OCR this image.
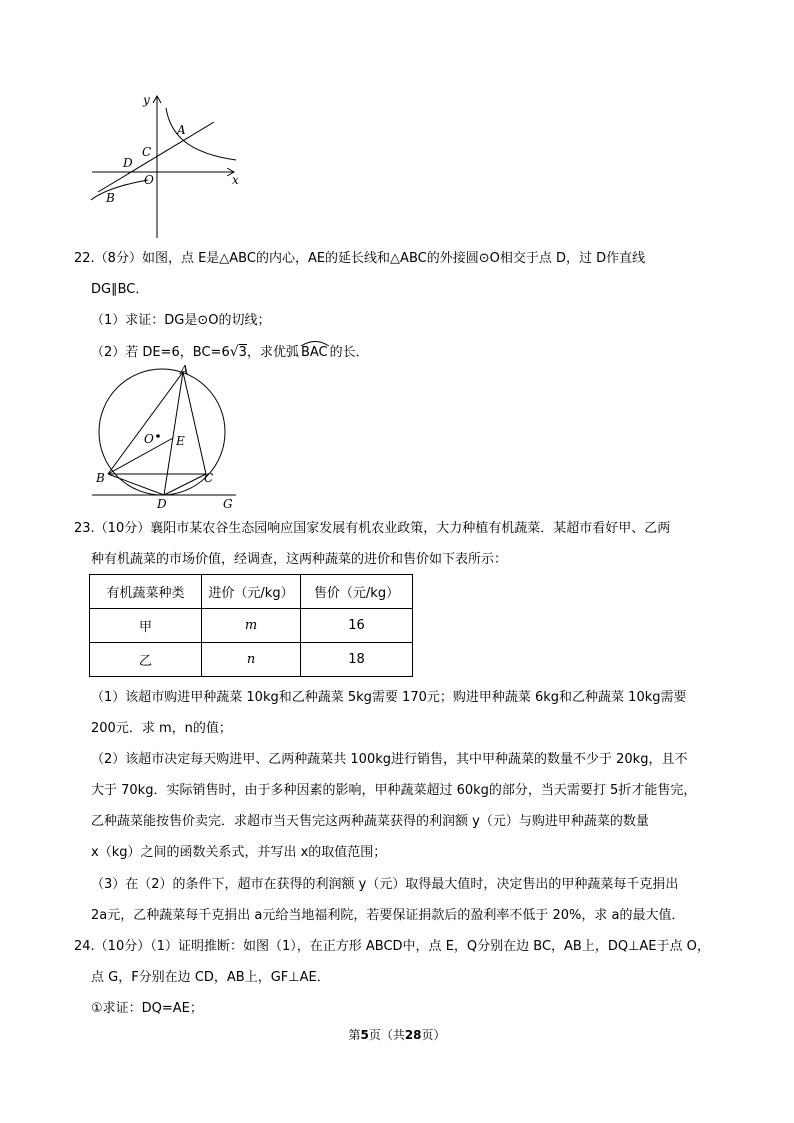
y
x
A
C
D
O
B
22.（8分）如图，点 E是△ABC的内心，AE的延长线和△ABC的外接圆⊙O相交于点 D，过 D作直线
DG∥BC．
（1）求证：DG是⊙O的切线；
（2）若 DE=6，BC=6√3，求优弧 BAC 的长．
A
O E
B	C
D	G
23.（10分）襄阳市某农谷生态园响应国家发展有机农业政策，大力种植有机蔬菜．某超市看好甲、乙两
种有机蔬菜的市场价值，经调查，这两种蔬菜的进价和售价如下表所示：
有机蔬菜种类	进价（元/kg）	售价（元/kg）
甲	m	16
乙	n	18
（1）该超市购进甲种蔬菜 10kg和乙种蔬菜 5kg需要 170元；购进甲种蔬菜 6kg和乙种蔬菜 10kg需要
200元．求 m，n的值；
（2）该超市决定每天购进甲、乙两种蔬菜共 100kg进行销售，其中甲种蔬菜的数量不少于 20kg，且不
大于 70kg．实际销售时，由于多种因素的影响，甲种蔬菜超过 60kg的部分，当天需要打 5折才能售完，
乙种蔬菜能按售价卖完．求超市当天售完这两种蔬菜获得的利润额 y（元）与购进甲种蔬菜的数量
x（kg）之间的函数关系式，并写出 x的取值范围；
（3）在（2）的条件下，超市在获得的利润额 y（元）取得最大值时，决定售出的甲种蔬菜每千克捐出
2a元，乙种蔬菜每千克捐出 a元给当地福利院，若要保证捐款后的盈利率不低于 20%，求 a的最大值．
24.（10分）（1）证明推断：如图（1），在正方形 ABCD中，点 E，Q分别在边 BC，AB上，DQ⊥AE于点 O，
点 G，F分别在边 CD，AB上，GF⊥AE．
①求证：DQ=AE；
第5页（共28页）
